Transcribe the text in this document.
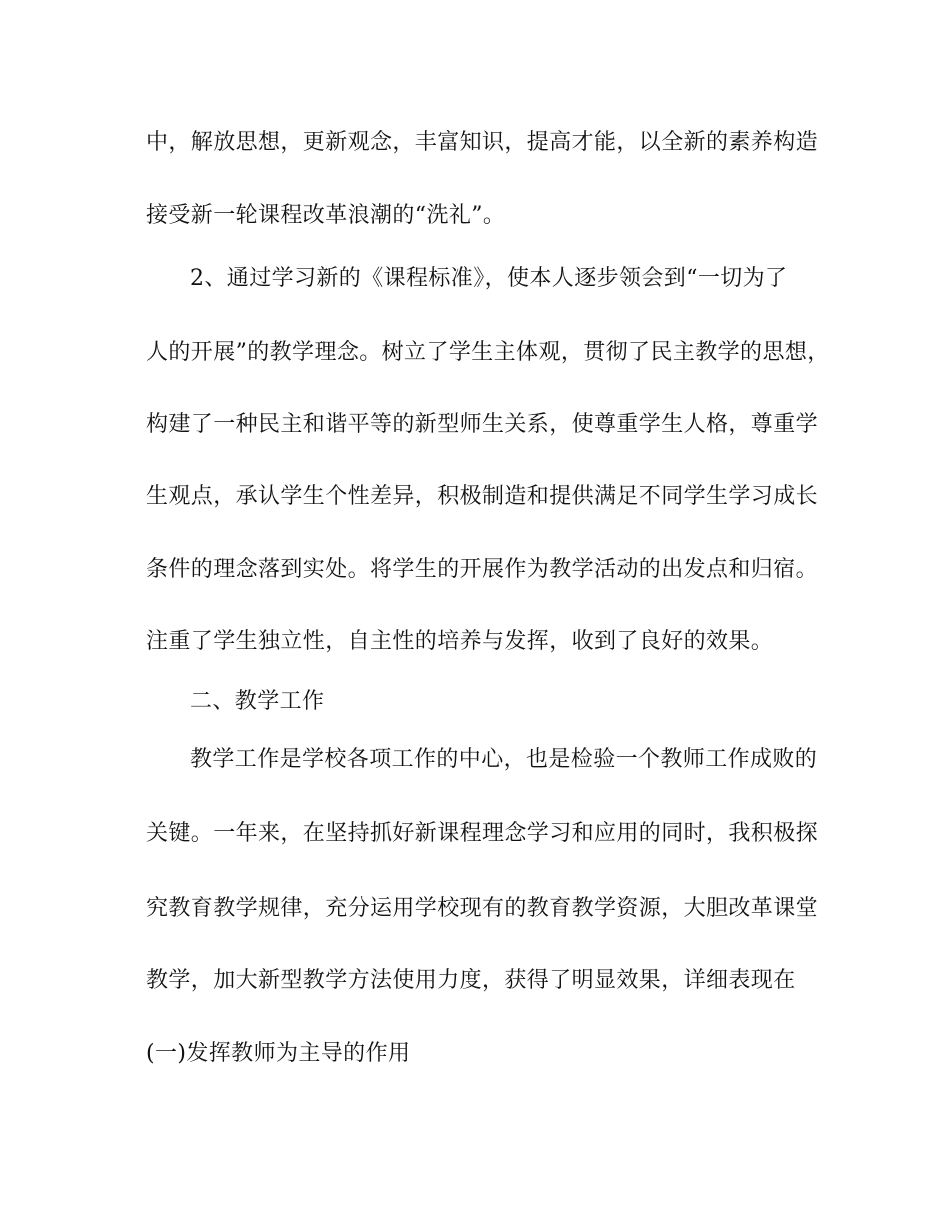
中，解放思想，更新观念，丰富知识，提高才能，以全新的素养构造

接受新一轮课程改革浪潮的“洗礼”。

2、通过学习新的《课程标准》，使本人逐步领会到“一切为了

人的开展”的教学理念。树立了学生主体观，贯彻了民主教学的思想，

构建了一种民主和谐平等的新型师生关系，使尊重学生人格，尊重学

生观点，承认学生个性差异，积极制造和提供满足不同学生学习成长

条件的理念落到实处。将学生的开展作为教学活动的出发点和归宿。

注重了学生独立性，自主性的培养与发挥，收到了良好的效果。

二、教学工作

教学工作是学校各项工作的中心，也是检验一个教师工作成败的

关键。一年来，在坚持抓好新课程理念学习和应用的同时，我积极探

究教育教学规律，充分运用学校现有的教育教学资源，大胆改革课堂

教学，加大新型教学方法使用力度，获得了明显效果，详细表现在

(一)发挥教师为主导的作用
